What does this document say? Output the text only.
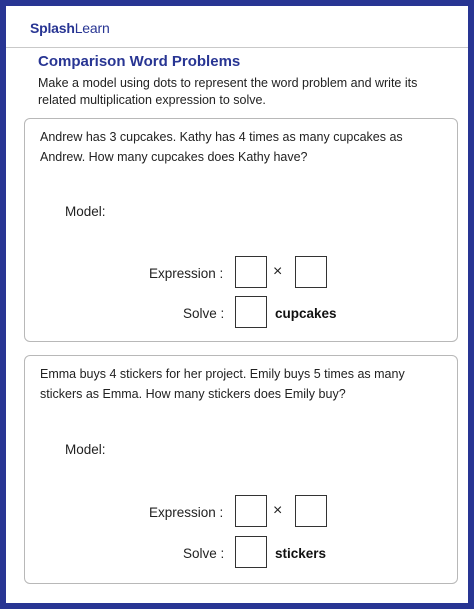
SplashLearn
Comparison Word Problems
Make a model using dots to represent the word problem and write its related multiplication expression to solve.
Andrew has 3 cupcakes. Kathy has 4 times as many cupcakes as Andrew. How many cupcakes does Kathy have?
Model:
Expression :	×
Solve :	cupcakes
Emma buys 4 stickers for her project. Emily buys 5 times as many stickers as Emma. How many stickers does Emily buy?
Model:
Expression :	×
Solve :	stickers
